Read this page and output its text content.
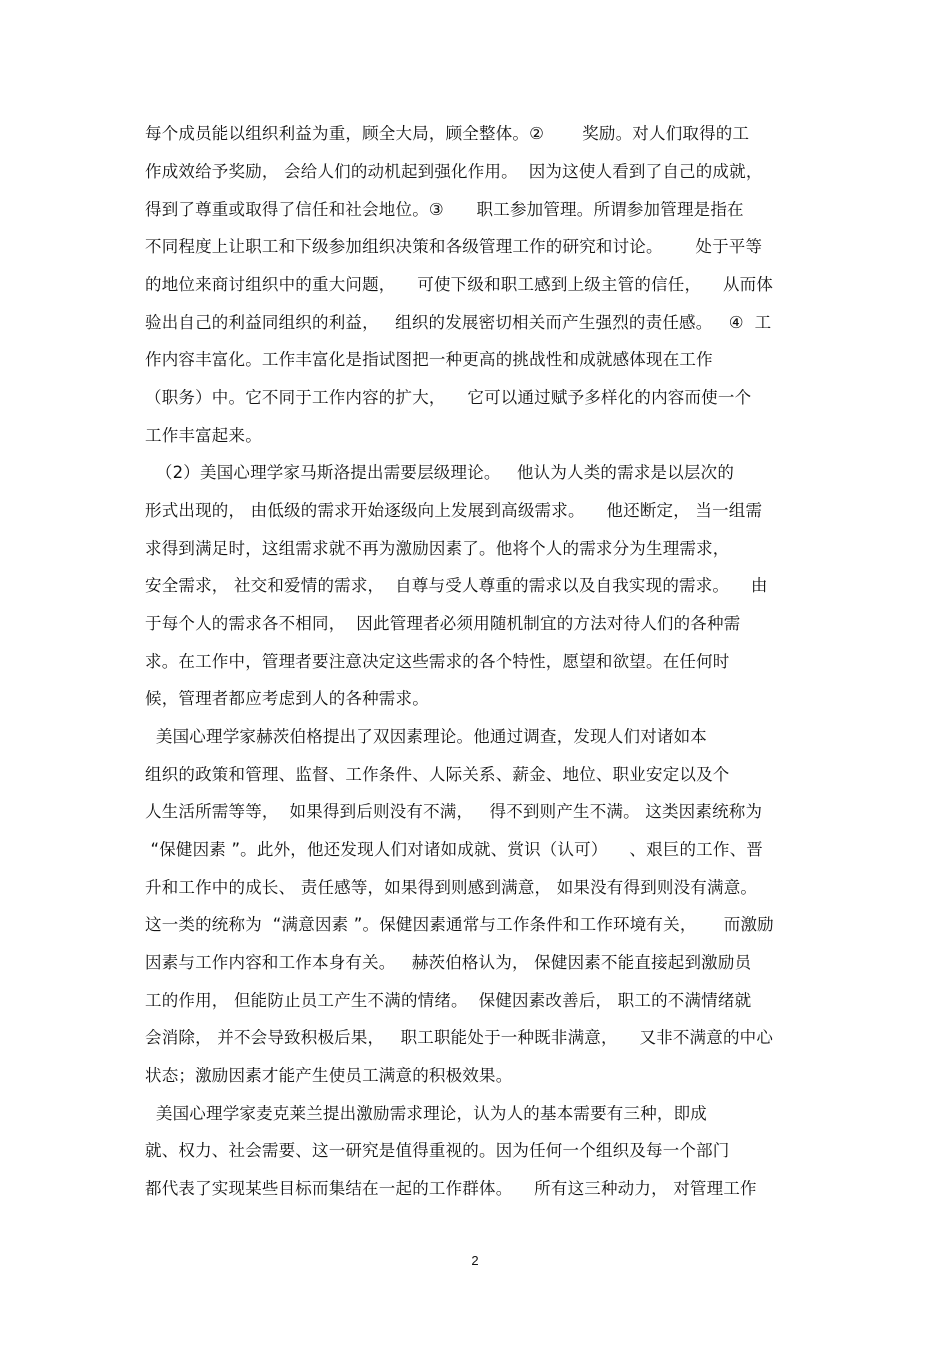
每个成员能以组织利益为重，顾全大局，顾全整体。②       奖励。对人们取得的工
作成效给予奖励， 会给人们的动机起到强化作用。  因为这使人看到了自己的成就，
得到了尊重或取得了信任和社会地位。③      职工参加管理。所谓参加管理是指在
不同程度上让职工和下级参加组织决策和各级管理工作的研究和讨论。      处于平等
的地位来商讨组织中的重大问题，    可使下级和职工感到上级主管的信任，    从而体
验出自己的利益同组织的利益，   组织的发展密切相关而产生强烈的责任感。   ④  工
作内容丰富化。工作丰富化是指试图把一种更高的挑战性和成就感体现在工作
（职务）中。它不同于工作内容的扩大，    它可以通过赋予多样化的内容而使一个
工作丰富起来。
（2）美国心理学家马斯洛提出需要层级理论。   他认为人类的需求是以层次的
形式出现的， 由低级的需求开始逐级向上发展到高级需求。    他还断定， 当一组需
求得到满足时，这组需求就不再为激励因素了。他将个人的需求分为生理需求，
安全需求， 社交和爱情的需求，  自尊与受人尊重的需求以及自我实现的需求。    由
于每个人的需求各不相同，  因此管理者必须用随机制宜的方法对待人们的各种需
求。在工作中，管理者要注意决定这些需求的各个特性，愿望和欲望。在任何时
候，管理者都应考虑到人的各种需求。
美国心理学家赫茨伯格提出了双因素理论。他通过调查，发现人们对诸如本
组织的政策和管理、监督、工作条件、人际关系、薪金、地位、职业安定以及个
人生活所需等等，  如果得到后则没有不满，   得不到则产生不满。 这类因素统称为
“保健因素 ”。此外，他还发现人们对诸如成就、赏识（认可）    、艰巨的工作、晋
升和工作中的成长、 责任感等，如果得到则感到满意， 如果没有得到则没有满意。
这一类的统称为  “满意因素 ”。保健因素通常与工作条件和工作环境有关，     而激励
因素与工作内容和工作本身有关。   赫茨伯格认为， 保健因素不能直接起到激励员
工的作用， 但能防止员工产生不满的情绪。  保健因素改善后， 职工的不满情绪就
会消除， 并不会导致积极后果，   职工职能处于一种既非满意，    又非不满意的中心
状态；激励因素才能产生使员工满意的积极效果。
美国心理学家麦克莱兰提出激励需求理论，认为人的基本需要有三种，即成
就、权力、社会需要、这一研究是值得重视的。因为任何一个组织及每一个部门
都代表了实现某些目标而集结在一起的工作群体。    所有这三种动力， 对管理工作
2
